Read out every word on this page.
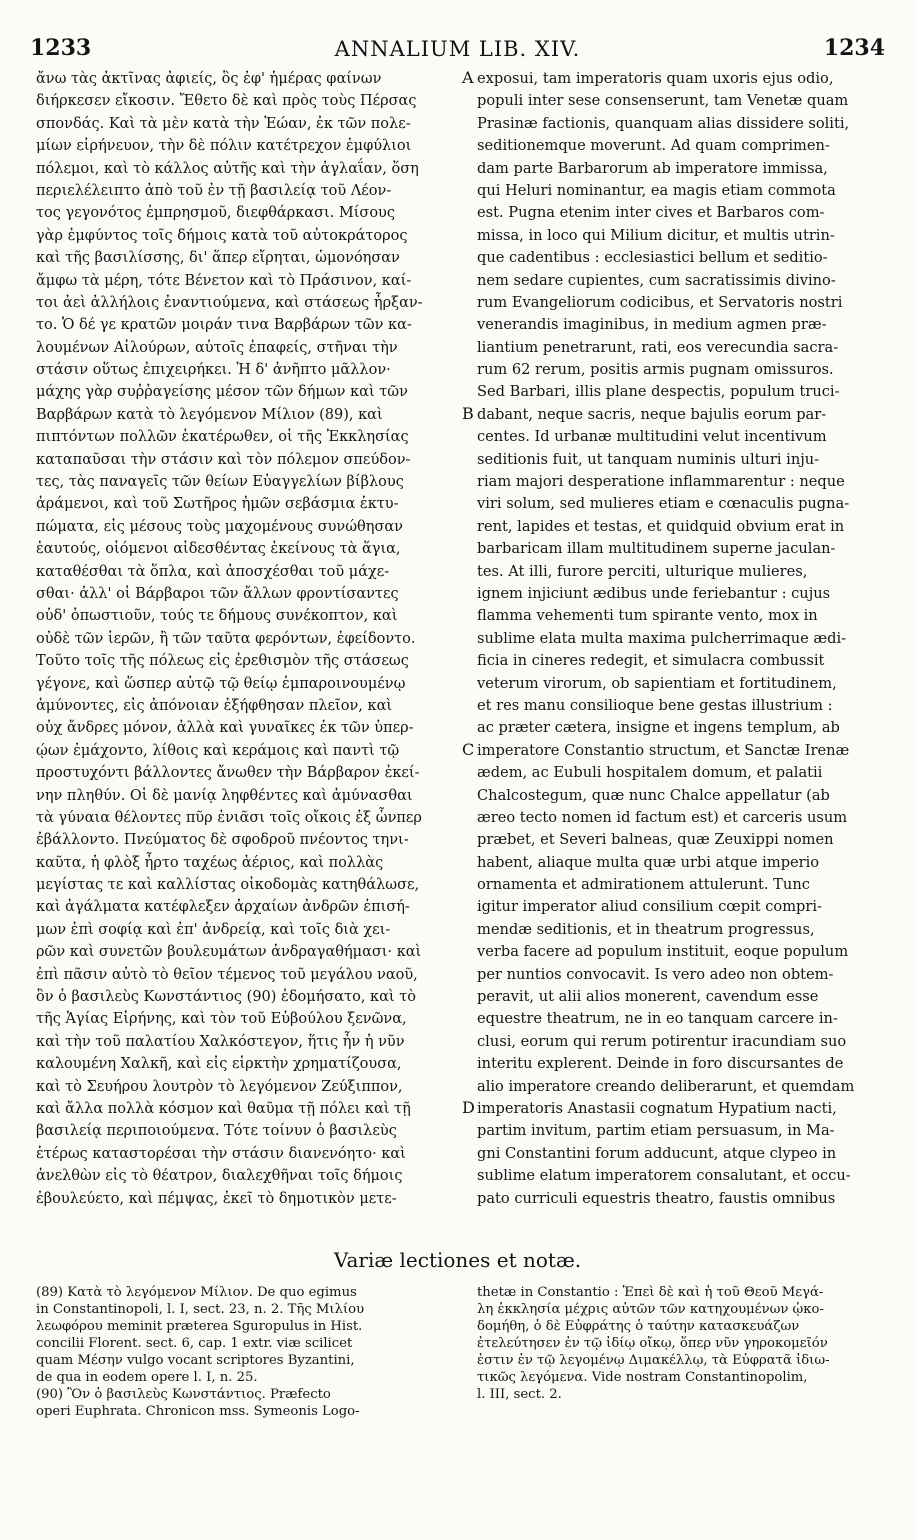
1233	ANNALIUM LIB. XIV.	1234
ἄνω τὰς ἀκτῖνας ἀφιείς, ὃς ἐφ' ἡμέρας φαίνων
διήρκεσεν εἴκοσιν. Ἔθετο δὲ καὶ πρὸς τοὺς Πέρσας
σπονδάς. Καὶ τὰ μὲν κατὰ τὴν Ἑώαν, ἐκ τῶν πολε-
μίων εἰρήνευον, τὴν δὲ πόλιν κατέτρεχον ἐμφύλιοι
πόλεμοι, καὶ τὸ κάλλος αὐτῆς καὶ τὴν ἀγλαΐαν, ὅση
περιελέλειπτο ἀπὸ τοῦ ἐν τῇ βασιλείᾳ τοῦ Λέον-
τος γεγονότος ἐμπρησμοῦ, διεφθάρκασι. Μίσους
γὰρ ἐμφύντος τοῖς δήμοις κατὰ τοῦ αὐτοκράτορος
καὶ τῆς βασιλίσσης, δι' ἅπερ εἴρηται, ὡμονόησαν
ἄμφω τὰ μέρη, τότε Βένετον καὶ τὸ Πράσινον, καί-
τοι ἀεὶ ἀλλήλοις ἐναντιούμενα, καὶ στάσεως ἦρξαν-
το. Ὁ δέ γε κρατῶν μοιράν τινα Βαρβάρων τῶν κα-
λουμένων Αἰλούρων, αὐτοῖς ἐπαφείς, στῆναι τὴν
στάσιν οὕτως ἐπιχειρήκει. Ἡ δ' ἀνῆπτο μᾶλλον·
μάχης γὰρ συῤῥαγείσης μέσον τῶν δήμων καὶ τῶν
Βαρβάρων κατὰ τὸ λεγόμενον Μίλιον (89), καὶ
πιπτόντων πολλῶν ἑκατέρωθεν, οἱ τῆς Ἐκκλησίας
καταπαῦσαι τὴν στάσιν καὶ τὸν πόλεμον σπεύδον-
τες, τὰς παναγεῖς τῶν θείων Εὐαγγελίων βίβλους
ἀράμενοι, καὶ τοῦ Σωτῆρος ἡμῶν σεβάσμια ἐκτυ-
πώματα, εἰς μέσους τοὺς μαχομένους συνώθησαν
ἑαυτούς, οἰόμενοι αἰδεσθέντας ἐκείνους τὰ ἅγια,
καταθέσθαι τὰ ὅπλα, καὶ ἀποσχέσθαι τοῦ μάχε-
σθαι· ἀλλ' οἱ Βάρβαροι τῶν ἄλλων φροντίσαντες
οὐδ' ὁπωστιοῦν, τούς τε δήμους συνέκοπτον, καὶ
οὐδὲ τῶν ἱερῶν, ἢ τῶν ταῦτα φερόντων, ἐφείδοντο.
Τοῦτο τοῖς τῆς πόλεως εἰς ἐρεθισμὸν τῆς στάσεως
γέγονε, καὶ ὥσπερ αὐτῷ τῷ θείῳ ἐμπαροινουμένῳ
ἀμύνοντες, εἰς ἀπόνοιαν ἐξήφθησαν πλεῖον, καὶ
οὐχ ἄνδρες μόνον, ἀλλὰ καὶ γυναῖκες ἐκ τῶν ὑπερ-
ῴων ἐμάχοντο, λίθοις καὶ κεράμοις καὶ παντὶ τῷ
προστυχόντι βάλλοντες ἄνωθεν τὴν Βάρβαρον ἐκεί-
νην πληθύν. Οἱ δὲ μανίᾳ ληφθέντες καὶ ἀμύνασθαι
τὰ γύναια θέλοντες πῦρ ἐνιᾶσι τοῖς οἴκοις ἐξ ὧνπερ
ἐβάλλοντο. Πνεύματος δὲ σφοδροῦ πνέοντος τηνι-
καῦτα, ἡ φλὸξ ἦρτο ταχέως ἀέριος, καὶ πολλὰς
μεγίστας τε καὶ καλλίστας οἰκοδομὰς κατηθάλωσε,
καὶ ἀγάλματα κατέφλεξεν ἀρχαίων ἀνδρῶν ἐπισή-
μων ἐπὶ σοφίᾳ καὶ ἐπ' ἀνδρείᾳ, καὶ τοῖς διὰ χει-
ρῶν καὶ συνετῶν βουλευμάτων ἀνδραγαθήμασι· καὶ
ἐπὶ πᾶσιν αὐτὸ τὸ θεῖον τέμενος τοῦ μεγάλου ναοῦ,
ὃν ὁ βασιλεὺς Κωνστάντιος (90) ἐδομήσατο, καὶ τὸ
τῆς Ἁγίας Εἰρήνης, καὶ τὸν τοῦ Εὐβούλου ξενῶνα,
καὶ τὴν τοῦ παλατίου Χαλκόστεγον, ἥτις ἦν ἡ νῦν
καλουμένη Χαλκῆ, καὶ εἰς εἱρκτὴν χρηματίζουσα,
καὶ τὸ Σευήρου λουτρὸν τὸ λεγόμενον Ζεύξιππον,
καὶ ἄλλα πολλὰ κόσμον καὶ θαῦμα τῇ πόλει καὶ τῇ
βασιλείᾳ περιποιούμενα. Τότε τοίνυν ὁ βασιλεὺς
ἑτέρως καταστορέσαι τὴν στάσιν διανενόητο· καὶ
ἀνελθὼν εἰς τὸ θέατρον, διαλεχθῆναι τοῖς δήμοις
ἐβουλεύετο, καὶ πέμψας, ἐκεῖ τὸ δημοτικὸν μετε-
exposui, tam imperatoris quam uxoris ejus odio,
populi inter sese consenserunt, tam Venetæ quam
Prasinæ factionis, quanquam alias dissidere soliti,
seditionemque moverunt. Ad quam comprimen-
dam parte Barbarorum ab imperatore immissa,
qui Heluri nominantur, ea magis etiam commota
est. Pugna etenim inter cives et Barbaros com-
missa, in loco qui Milium dicitur, et multis utrin-
que cadentibus : ecclesiastici bellum et seditio-
nem sedare cupientes, cum sacratissimis divino-
rum Evangeliorum codicibus, et Servatoris nostri
venerandis imaginibus, in medium agmen præ-
liantium penetrarunt, rati, eos verecundia sacra-
rum 62 rerum, positis armis pugnam omissuros.
Sed Barbari, illis plane despectis, populum truci-
dabant, neque sacris, neque bajulis eorum par-
centes. Id urbanæ multitudini velut incentivum
seditionis fuit, ut tanquam numinis ulturi inju-
riam majori desperatione inflammarentur : neque
viri solum, sed mulieres etiam e cœnaculis pugna-
rent, lapides et testas, et quidquid obvium erat in
barbaricam illam multitudinem superne jaculan-
tes. At illi, furore perciti, ulturique mulieres,
ignem injiciunt ædibus unde feriebantur : cujus
flamma vehementi tum spirante vento, mox in
sublime elata multa maxima pulcherrimaque ædi-
ficia in cineres redegit, et simulacra combussit
veterum virorum, ob sapientiam et fortitudinem,
et res manu consilioque bene gestas illustrium :
ac præter cætera, insigne et ingens templum, ab
imperatore Constantio structum, et Sanctæ Irenæ
ædem, ac Eubuli hospitalem domum, et palatii
Chalcostegum, quæ nunc Chalce appellatur (ab
æreo tecto nomen id factum est) et carceris usum
præbet, et Severi balneas, quæ Zeuxippi nomen
habent, aliaque multa quæ urbi atque imperio
ornamenta et admirationem attulerunt. Tunc
igitur imperator aliud consilium cœpit compri-
mendæ seditionis, et in theatrum progressus,
verba facere ad populum instituit, eoque populum
per nuntios convocavit. Is vero adeo non obtem-
peravit, ut alii alios monerent, cavendum esse
equestre theatrum, ne in eo tanquam carcere in-
clusi, eorum qui rerum potirentur iracundiam suo
interitu explerent. Deinde in foro discursantes de
alio imperatore creando deliberarunt, et quemdam
imperatoris Anastasii cognatum Hypatium nacti,
partim invitum, partim etiam persuasum, in Ma-
gni Constantini forum adducunt, atque clypeo in
sublime elatum imperatorem consalutant, et occu-
pato curriculi equestris theatro, faustis omnibus
A
B
C
D
Variæ lectiones et notæ.
(89) Κατὰ τὸ λεγόμενον Μίλιον. De quo egimus
in Constantinopoli, l. I, sect. 23, n. 2. Τῆς Μιλίου
λεωφόρου meminit præterea Sguropulus in Hist.
concilii Florent. sect. 6, cap. 1 extr. viæ scilicet
quam Μέσην vulgo vocant scriptores Byzantini,
de qua in eodem opere l. I, n. 25.
(90) Ὃν ὁ βασιλεὺς Κωνστάντιος. Præfecto
operi Euphrata. Chronicon mss. Symeonis Logo-
thetæ in Constantio : Ἐπεὶ δὲ καὶ ἡ τοῦ Θεοῦ Μεγά-
λη ἐκκλησία μέχρις αὐτῶν τῶν κατηχουμένων ᾠκο-
δομήθη, ὁ δὲ Εὐφράτης ὁ ταύτην κατασκευάζων
ἐτελεύτησεν ἐν τῷ ἰδίῳ οἴκῳ, ὅπερ νῦν γηροκομεῖόν
ἐστιν ἐν τῷ λεγομένῳ Διμακέλλῳ, τὰ Εὐφρατᾶ ἰδιω-
τικῶς λεγόμενα. Vide nostram Constantinopolim,
l. III, sect. 2.
